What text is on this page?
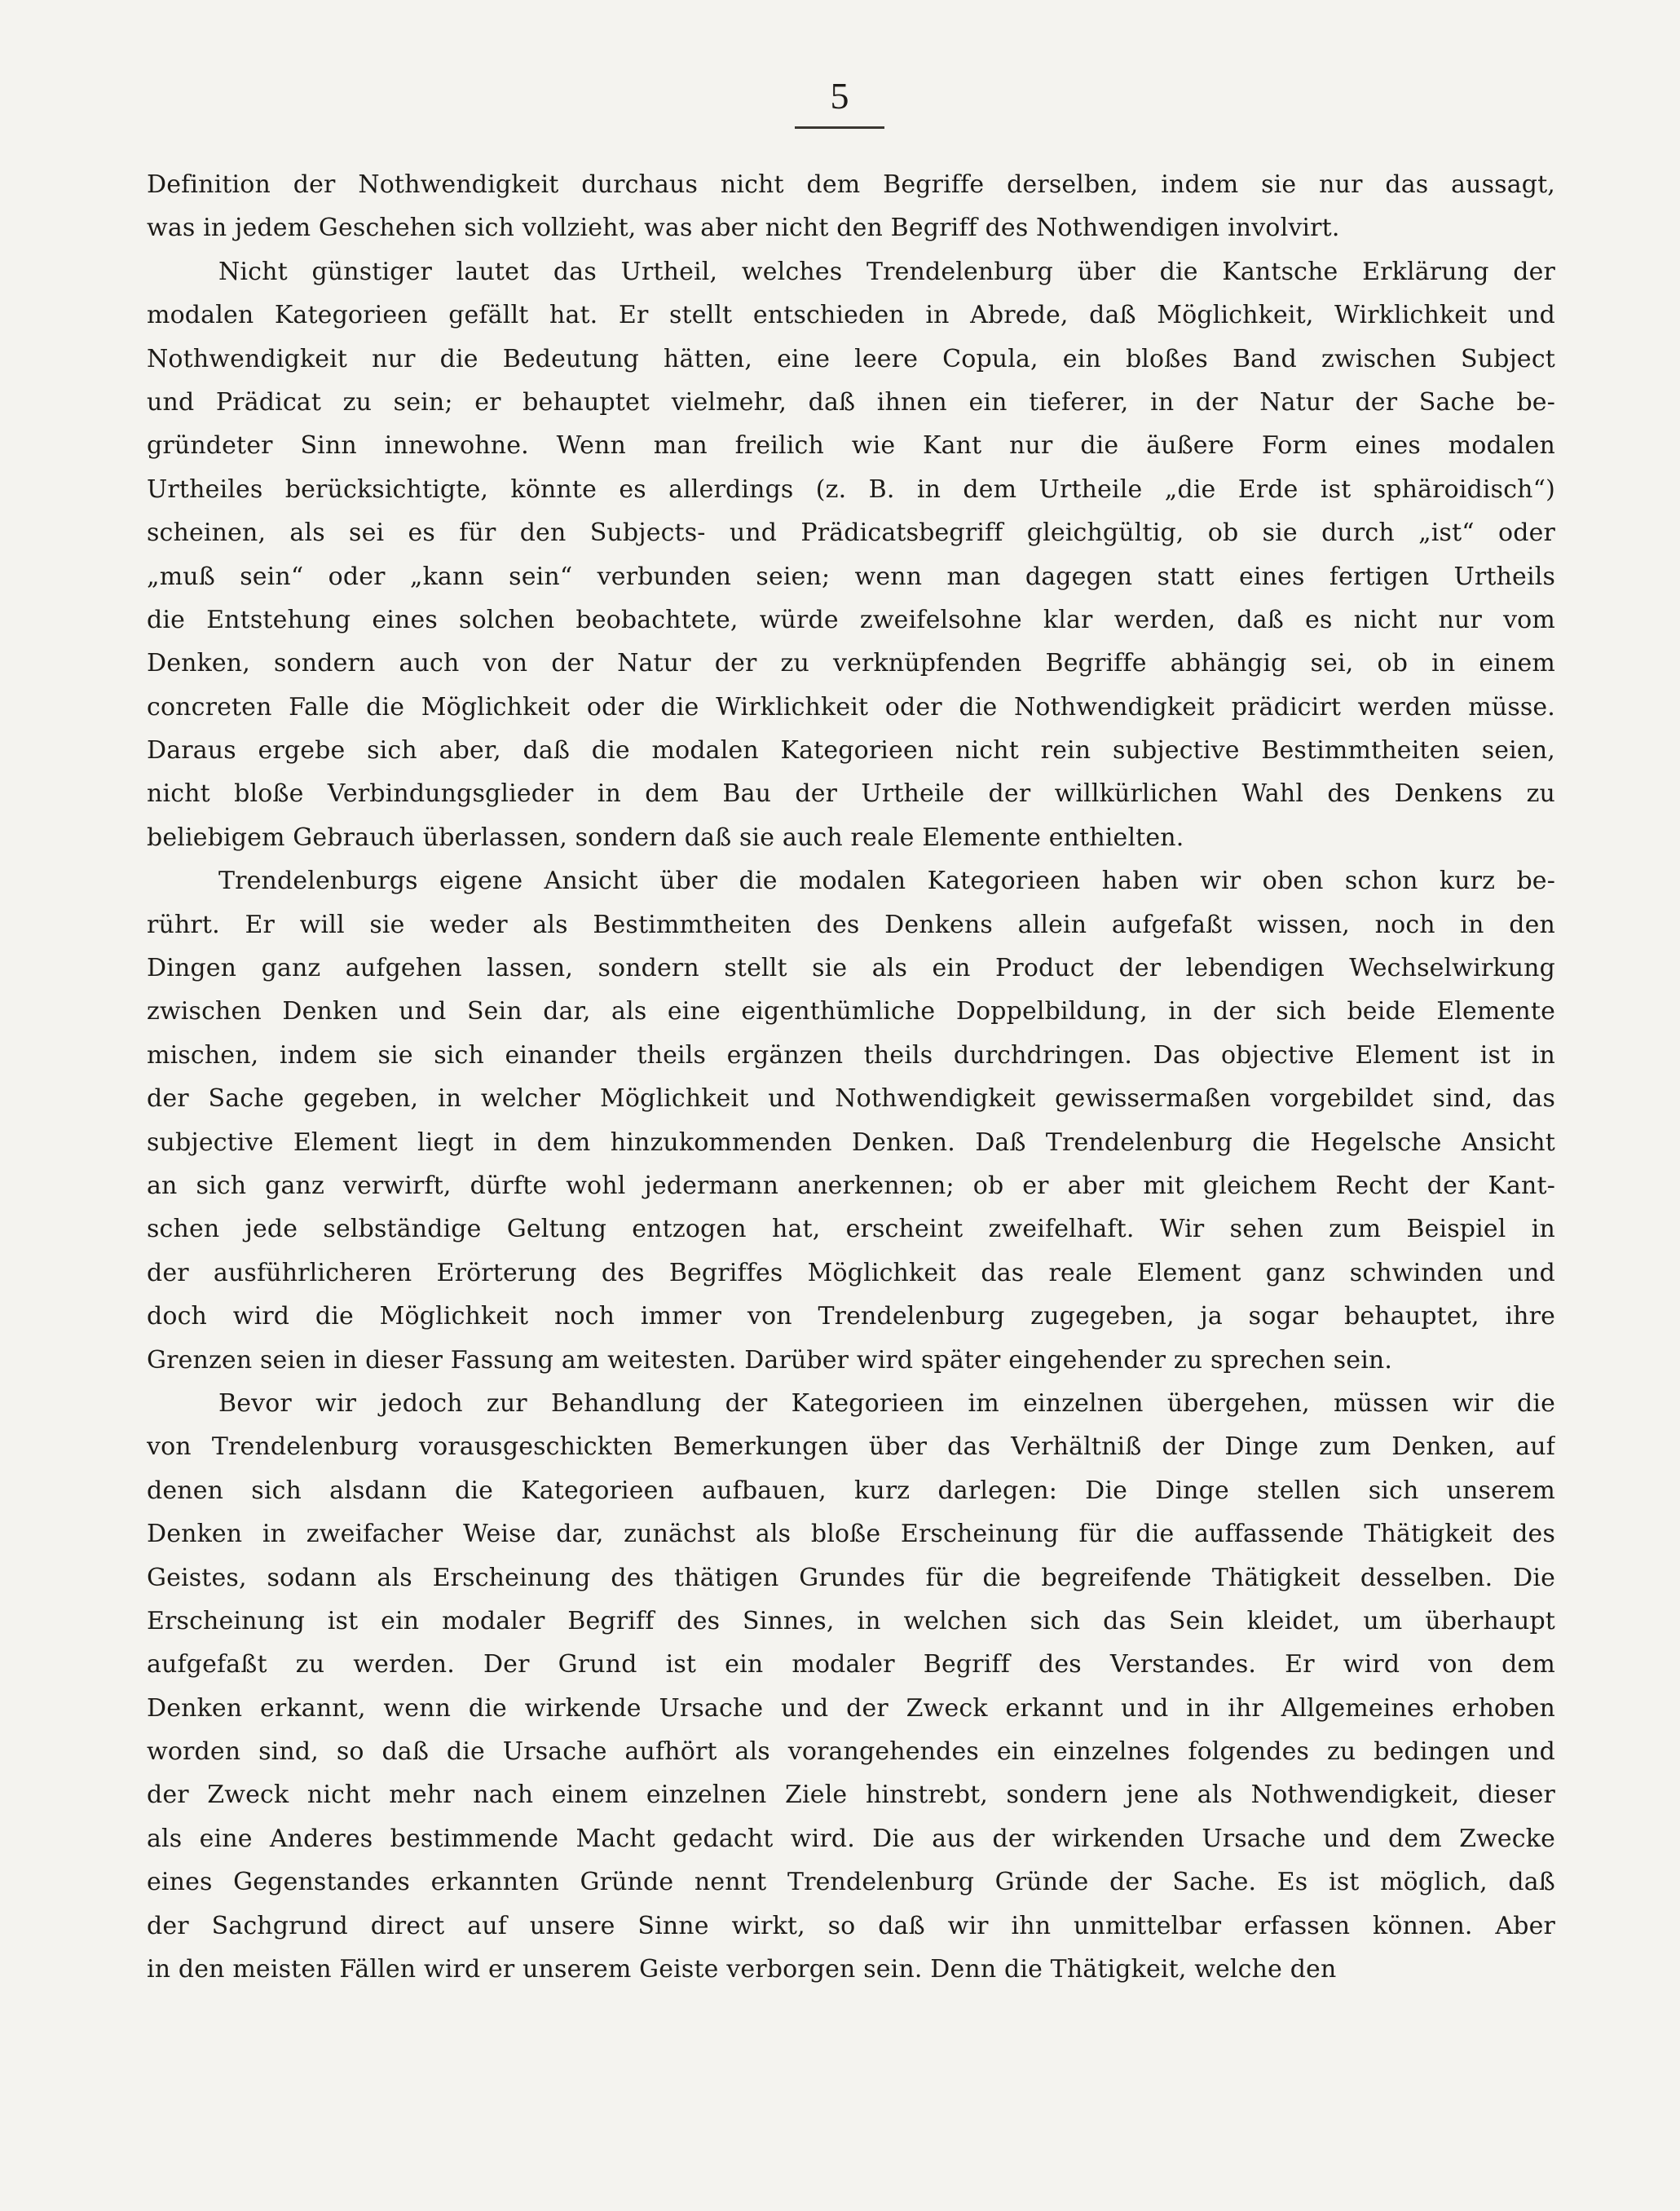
5
Definition der Nothwendigkeit durchaus nicht dem Begriffe derselben, indem sie nur das aussagt,
was in jedem Geschehen sich vollzieht, was aber nicht den Begriff des Nothwendigen involvirt.
Nicht günstiger lautet das Urtheil, welches Trendelenburg über die Kantsche Erklärung der
modalen Kategorieen gefällt hat. Er stellt entschieden in Abrede, daß Möglichkeit, Wirklichkeit und
Nothwendigkeit nur die Bedeutung hätten, eine leere Copula, ein bloßes Band zwischen Subject
und Prädicat zu sein; er behauptet vielmehr, daß ihnen ein tieferer, in der Natur der Sache be-
gründeter Sinn innewohne. Wenn man freilich wie Kant nur die äußere Form eines modalen
Urtheiles berücksichtigte, könnte es allerdings (z. B. in dem Urtheile „die Erde ist sphäroidisch“)
scheinen, als sei es für den Subjects- und Prädicatsbegriff gleichgültig, ob sie durch „ist“ oder
„muß sein“ oder „kann sein“ verbunden seien; wenn man dagegen statt eines fertigen Urtheils
die Entstehung eines solchen beobachtete, würde zweifelsohne klar werden, daß es nicht nur vom
Denken, sondern auch von der Natur der zu verknüpfenden Begriffe abhängig sei, ob in einem
concreten Falle die Möglichkeit oder die Wirklichkeit oder die Nothwendigkeit prädicirt werden müsse.
Daraus ergebe sich aber, daß die modalen Kategorieen nicht rein subjective Bestimmtheiten seien,
nicht bloße Verbindungsglieder in dem Bau der Urtheile der willkürlichen Wahl des Denkens zu
beliebigem Gebrauch überlassen, sondern daß sie auch reale Elemente enthielten.
Trendelenburgs eigene Ansicht über die modalen Kategorieen haben wir oben schon kurz be-
rührt. Er will sie weder als Bestimmtheiten des Denkens allein aufgefaßt wissen, noch in den
Dingen ganz aufgehen lassen, sondern stellt sie als ein Product der lebendigen Wechselwirkung
zwischen Denken und Sein dar, als eine eigenthümliche Doppelbildung, in der sich beide Elemente
mischen, indem sie sich einander theils ergänzen theils durchdringen. Das objective Element ist in
der Sache gegeben, in welcher Möglichkeit und Nothwendigkeit gewissermaßen vorgebildet sind, das
subjective Element liegt in dem hinzukommenden Denken. Daß Trendelenburg die Hegelsche Ansicht
an sich ganz verwirft, dürfte wohl jedermann anerkennen; ob er aber mit gleichem Recht der Kant-
schen jede selbständige Geltung entzogen hat, erscheint zweifelhaft. Wir sehen zum Beispiel in
der ausführlicheren Erörterung des Begriffes Möglichkeit das reale Element ganz schwinden und
doch wird die Möglichkeit noch immer von Trendelenburg zugegeben, ja sogar behauptet, ihre
Grenzen seien in dieser Fassung am weitesten. Darüber wird später eingehender zu sprechen sein.
Bevor wir jedoch zur Behandlung der Kategorieen im einzelnen übergehen, müssen wir die
von Trendelenburg vorausgeschickten Bemerkungen über das Verhältniß der Dinge zum Denken, auf
denen sich alsdann die Kategorieen aufbauen, kurz darlegen: Die Dinge stellen sich unserem
Denken in zweifacher Weise dar, zunächst als bloße Erscheinung für die auffassende Thätigkeit des
Geistes, sodann als Erscheinung des thätigen Grundes für die begreifende Thätigkeit desselben. Die
Erscheinung ist ein modaler Begriff des Sinnes, in welchen sich das Sein kleidet, um überhaupt
aufgefaßt zu werden. Der Grund ist ein modaler Begriff des Verstandes. Er wird von dem
Denken erkannt, wenn die wirkende Ursache und der Zweck erkannt und in ihr Allgemeines erhoben
worden sind, so daß die Ursache aufhört als vorangehendes ein einzelnes folgendes zu bedingen und
der Zweck nicht mehr nach einem einzelnen Ziele hinstrebt, sondern jene als Nothwendigkeit, dieser
als eine Anderes bestimmende Macht gedacht wird. Die aus der wirkenden Ursache und dem Zwecke
eines Gegenstandes erkannten Gründe nennt Trendelenburg Gründe der Sache. Es ist möglich, daß
der Sachgrund direct auf unsere Sinne wirkt, so daß wir ihn unmittelbar erfassen können. Aber
in den meisten Fällen wird er unserem Geiste verborgen sein. Denn die Thätigkeit, welche den
